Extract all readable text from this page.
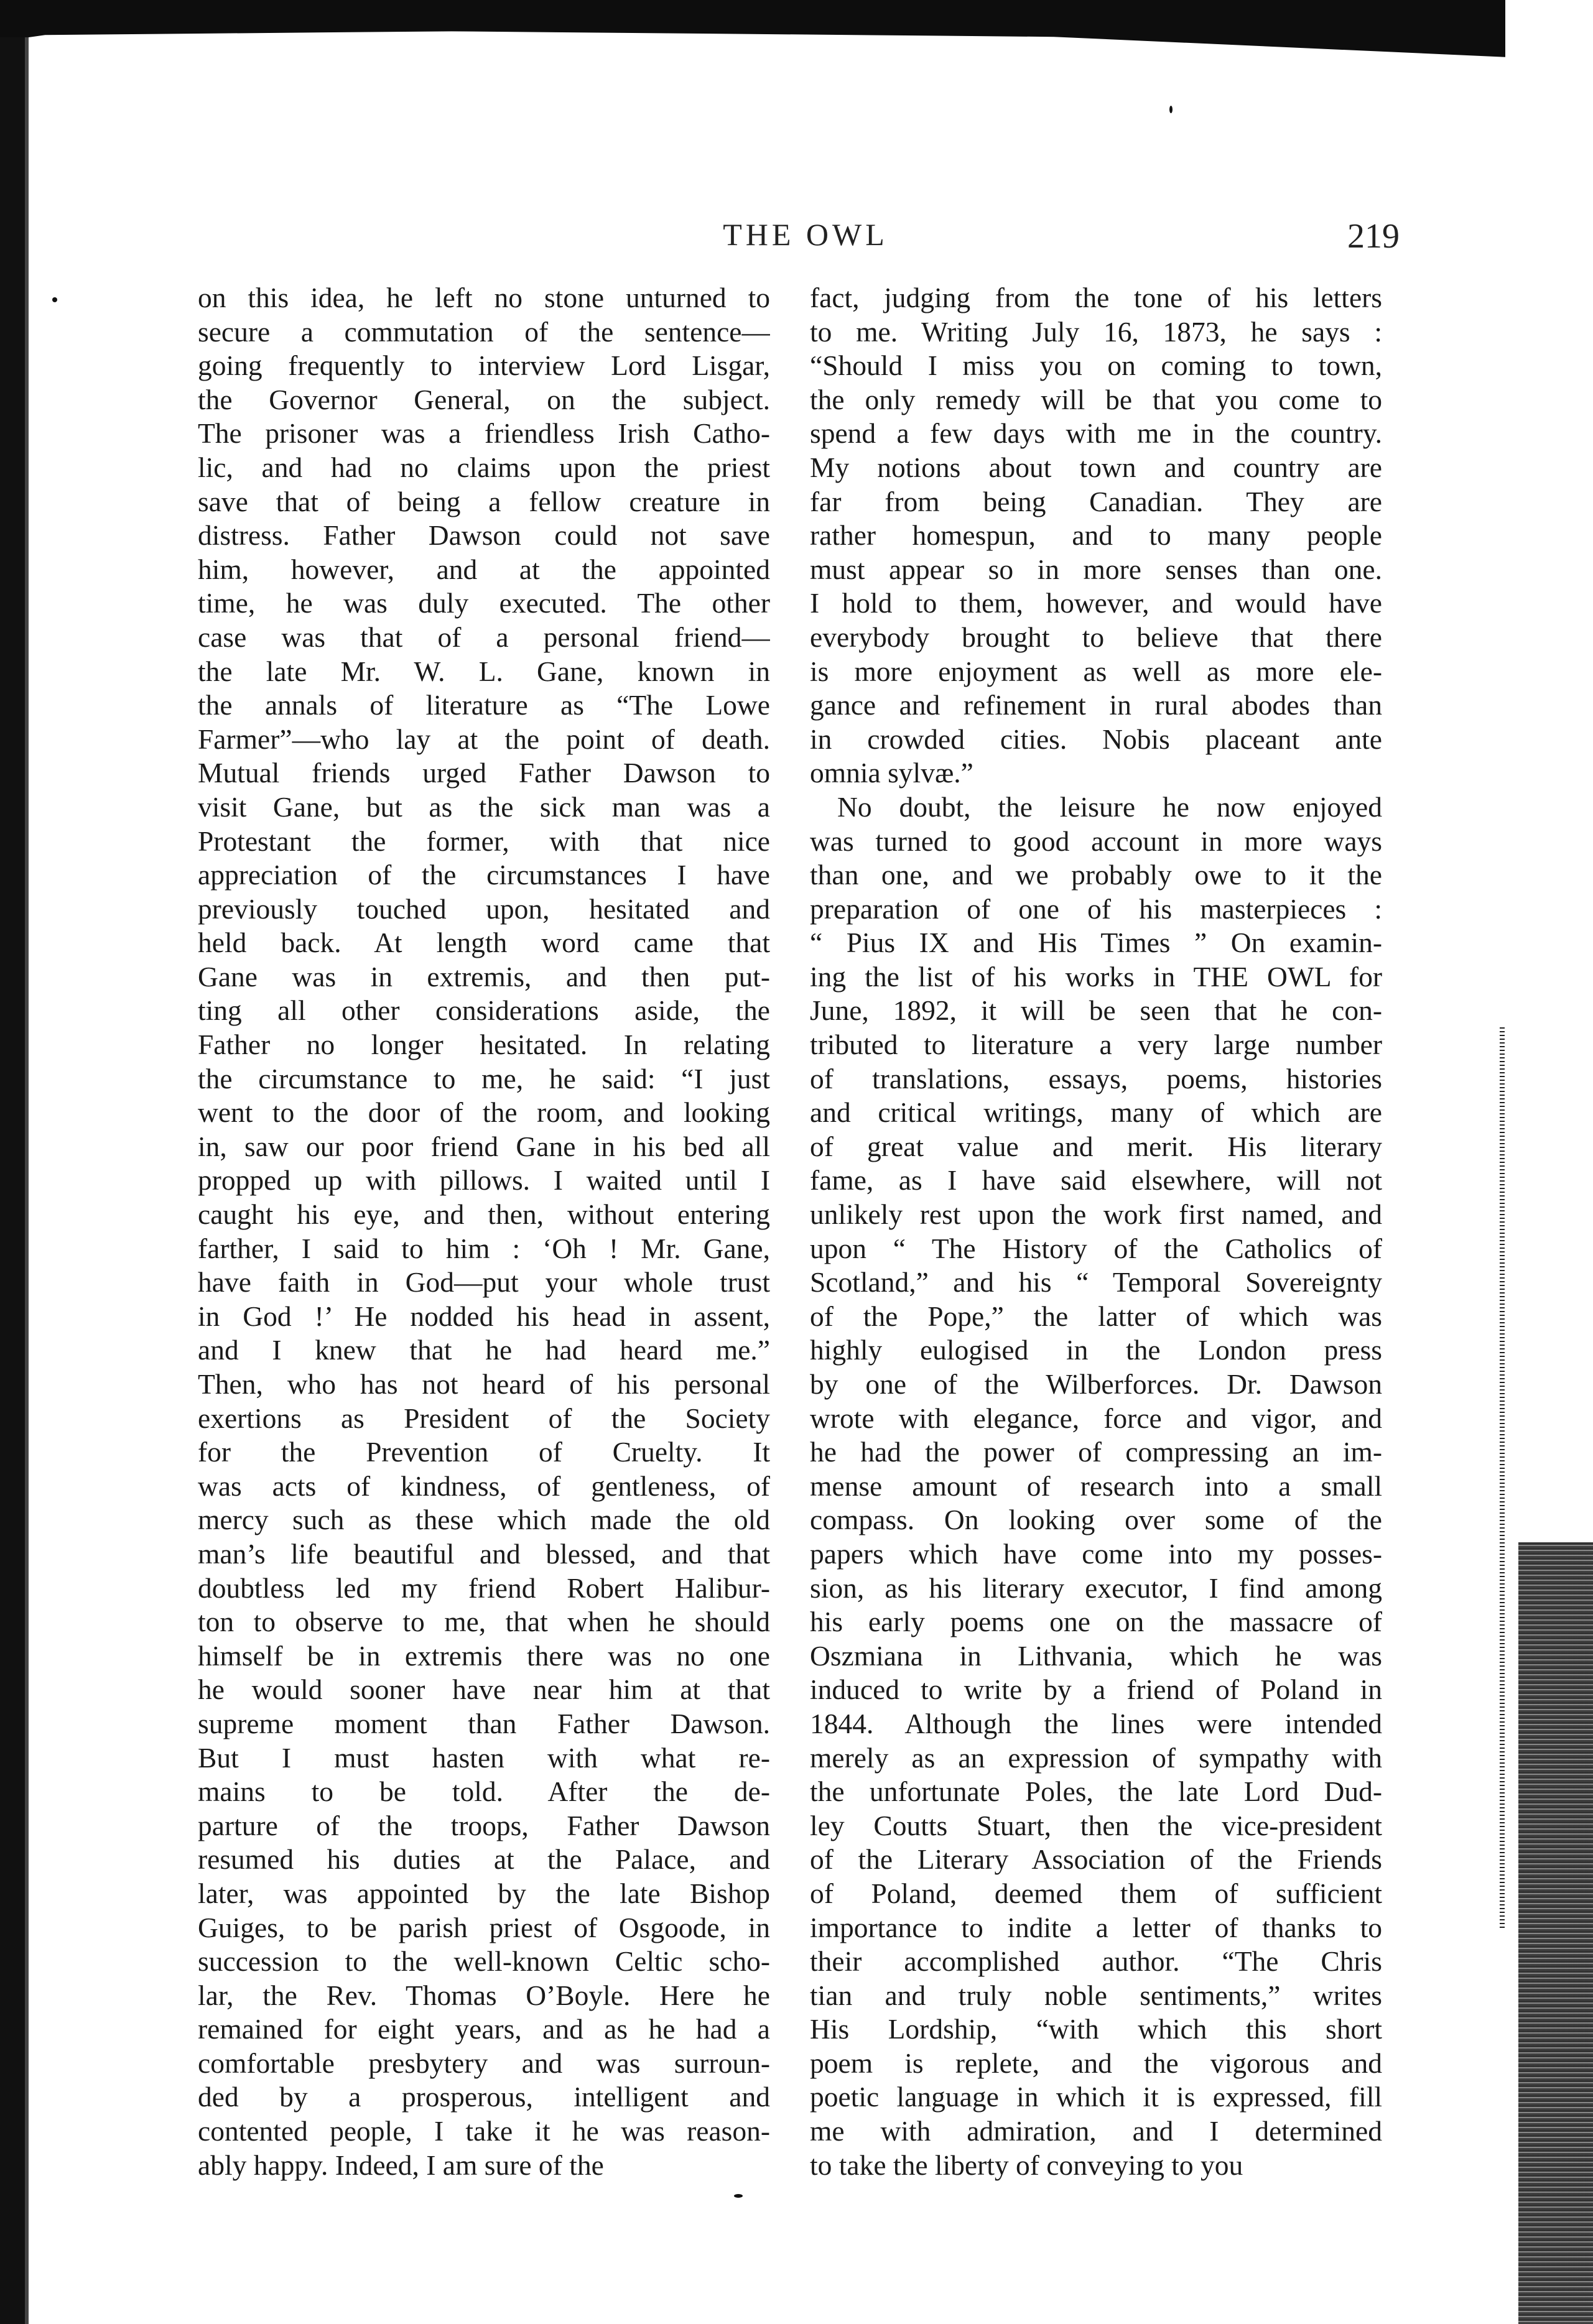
THE OWL	219
on this idea, he left no stone unturned to
secure a commutation of the sentence—
going frequently to interview Lord Lisgar,
the Governor General, on the subject.
The prisoner was a friendless Irish Catho-
lic, and had no claims upon the priest
save that of being a fellow creature in
distress. Father Dawson could not save
him, however, and at the appointed
time, he was duly executed. The other
case was that of a personal friend—
the late Mr. W. L. Gane, known in
the annals of literature as “The Lowe
Farmer”—who lay at the point of death.
Mutual friends urged Father Dawson to
visit Gane, but as the sick man was a
Protestant the former, with that nice
appreciation of the circumstances I have
previously touched upon, hesitated and
held back. At length word came that
Gane was in extremis, and then put-
ting all other considerations aside, the
Father no longer hesitated. In relating
the circumstance to me, he said: “I just
went to the door of the room, and looking
in, saw our poor friend Gane in his bed all
propped up with pillows. I waited until I
caught his eye, and then, without entering
farther, I said to him : ‘Oh ! Mr. Gane,
have faith in God—put your whole trust
in God !’ He nodded his head in assent,
and I knew that he had heard me.”
Then, who has not heard of his personal
exertions as President of the Society
for the Prevention of Cruelty. It
was acts of kindness, of gentleness, of
mercy such as these which made the old
man’s life beautiful and blessed, and that
doubtless led my friend Robert Halibur-
ton to observe to me, that when he should
himself be in extremis there was no one
he would sooner have near him at that
supreme moment than Father Dawson.
But I must hasten with what re-
mains to be told. After the de-
parture of the troops, Father Dawson
resumed his duties at the Palace, and
later, was appointed by the late Bishop
Guiges, to be parish priest of Osgoode, in
succession to the well-known Celtic scho-
lar, the Rev. Thomas O’Boyle. Here he
remained for eight years, and as he had a
comfortable presbytery and was surroun-
ded by a prosperous, intelligent and
contented people, I take it he was reason-
ably happy. Indeed, I am sure of the
fact, judging from the tone of his letters
to me. Writing July 16, 1873, he says :
“Should I miss you on coming to town,
the only remedy will be that you come to
spend a few days with me in the country.
My notions about town and country are
far from being Canadian. They are
rather homespun, and to many people
must appear so in more senses than one.
I hold to them, however, and would have
everybody brought to believe that there
is more enjoyment as well as more ele-
gance and refinement in rural abodes than
in crowded cities. Nobis placeant ante
omnia sylvæ.”
No doubt, the leisure he now enjoyed
was turned to good account in more ways
than one, and we probably owe to it the
preparation of one of his masterpieces :
“ Pius IX and His Times ” On examin-
ing the list of his works in THE OWL for
June, 1892, it will be seen that he con-
tributed to literature a very large number
of translations, essays, poems, histories
and critical writings, many of which are
of great value and merit. His literary
fame, as I have said elsewhere, will not
unlikely rest upon the work first named, and
upon “ The History of the Catholics of
Scotland,” and his “ Temporal Sovereignty
of the Pope,” the latter of which was
highly eulogised in the London press
by one of the Wilberforces. Dr. Dawson
wrote with elegance, force and vigor, and
he had the power of compressing an im-
mense amount of research into a small
compass. On looking over some of the
papers which have come into my posses-
sion, as his literary executor, I find among
his early poems one on the massacre of
Oszmiana in Lithvania, which he was
induced to write by a friend of Poland in
1844. Although the lines were intended
merely as an expression of sympathy with
the unfortunate Poles, the late Lord Dud-
ley Coutts Stuart, then the vice-president
of the Literary Association of the Friends
of Poland, deemed them of sufficient
importance to indite a letter of thanks to
their accomplished author. “The Chris
tian and truly noble sentiments,” writes
His Lordship, “with which this short
poem is replete, and the vigorous and
poetic language in which it is expressed, fill
me with admiration, and I determined
to take the liberty of conveying to you
